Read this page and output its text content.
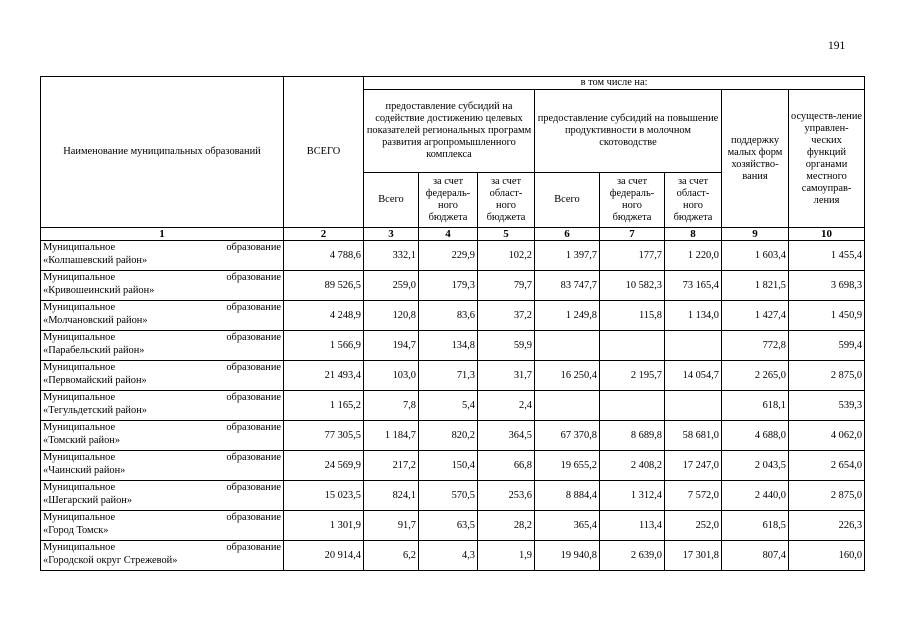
191
Наименование муниципальных образований	ВСЕГО	в том числе на:							
		предоставление субсидий на содействие достижению целевых показателей региональных программ развития агропромышленного комплекса			предоставление субсидий на повышение продуктивности в молочном скотоводстве			поддержку малых форм хозяйство-вания	осуществ-ление управлен-ческих функций органами местного самоуправ-ления
		Всего	за счет федераль-ного бюджета	за счет област-ного бюджета	Всего	за счет федераль-ного бюджета	за счет област-ного бюджета		
1	2	3	4	5	6	7	8	9	10

Муниципальное образование
«Колпашевский район»	4 788,6	332,1	229,9	102,2	1 397,7	177,7	1 220,0	1 603,4	1 455,4

Муниципальное образование
«Кривошеинский район»	89 526,5	259,0	179,3	79,7	83 747,7	10 582,3	73 165,4	1 821,5	3 698,3

Муниципальное образование
«Молчановский район»	4 248,9	120,8	83,6	37,2	1 249,8	115,8	1 134,0	1 427,4	1 450,9

Муниципальное образование
«Парабельский район»	1 566,9	194,7	134,8	59,9				772,8	599,4

Муниципальное образование
«Первомайский район»	21 493,4	103,0	71,3	31,7	16 250,4	2 195,7	14 054,7	2 265,0	2 875,0

Муниципальное образование
«Тегульдетский район»	1 165,2	7,8	5,4	2,4				618,1	539,3

Муниципальное образование
«Томский район»	77 305,5	1 184,7	820,2	364,5	67 370,8	8 689,8	58 681,0	4 688,0	4 062,0

Муниципальное образование
«Чаинский район»	24 569,9	217,2	150,4	66,8	19 655,2	2 408,2	17 247,0	2 043,5	2 654,0

Муниципальное образование
«Шегарский район»	15 023,5	824,1	570,5	253,6	8 884,4	1 312,4	7 572,0	2 440,0	2 875,0

Муниципальное образование
«Город Томск»	1 301,9	91,7	63,5	28,2	365,4	113,4	252,0	618,5	226,3

Муниципальное образование
«Городской округ Стрежевой»	20 914,4	6,2	4,3	1,9	19 940,8	2 639,0	17 301,8	807,4	160,0
